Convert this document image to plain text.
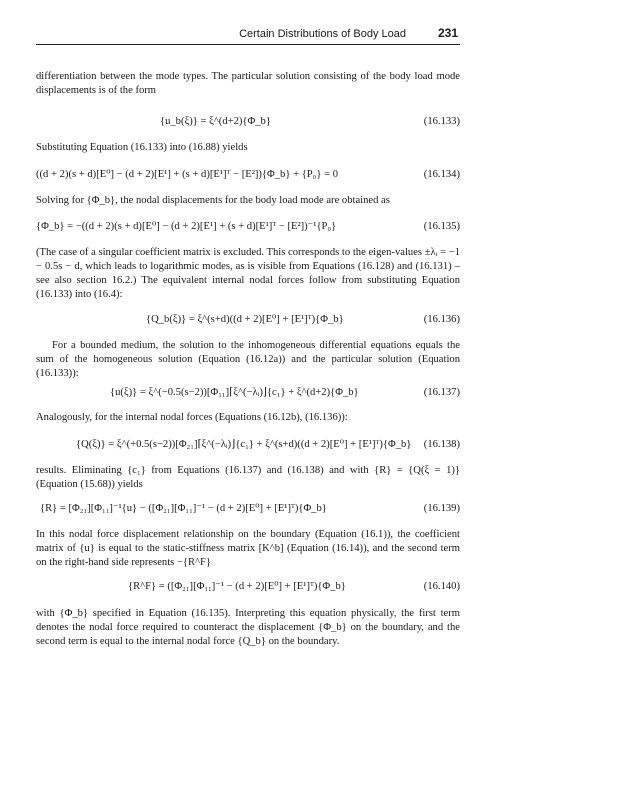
Certain Distributions of Body Load	231

differentiation between the mode types. The particular solution consisting of the body load mode displacements is of the form

{u_b(ξ)} = ξ^(d+2){Φ_b}	(16.133)

Substituting Equation (16.133) into (16.88) yields

((d + 2)(s + d)[E⁰] − (d + 2)[E¹] + (s + d)[E¹]ᵀ − [E²]){Φ_b} + {P₀} = 0	(16.134)

Solving for {Φ_b}, the nodal displacements for the body load mode are obtained as

{Φ_b} = −((d + 2)(s + d)[E⁰] − (d + 2)[E¹] + (s + d)[E¹]ᵀ − [E²])⁻¹{P₀}	(16.135)

(The case of a singular coefficient matrix is excluded. This corresponds to the eigen-values ±λᵢ = −1 − 0.5s − d, which leads to logarithmic modes, as is visible from Equations (16.128) and (16.131) – see also section 16.2.) The equivalent internal nodal forces follow from substituting Equation (16.133) into (16.4):

{Q_b(ξ)} = ξ^(s+d)((d + 2)[E⁰] + [E¹]ᵀ){Φ_b}	(16.136)

For a bounded medium, the solution to the inhomogeneous differential equations equals the sum of the homogeneous solution (Equation (16.12a)) and the particular solution (Equation (16.133)):

{u(ξ)} = ξ^(−0.5(s−2))[Φ₁₁]⌈ξ^(−λᵢ)⌋{c₁} + ξ^(d+2){Φ_b}	(16.137)

Analogously, for the internal nodal forces (Equations (16.12b), (16.136)):

{Q(ξ)} = ξ^(+0.5(s−2))[Φ₂₁]⌈ξ^(−λᵢ)⌋{c₁} + ξ^(s+d)((d + 2)[E⁰] + [E¹]ᵀ){Φ_b} (16.138)

results. Eliminating {c₁} from Equations (16.137) and (16.138) and with {R} = {Q(ξ = 1)} (Equation (15.68)) yields

{R} = [Φ₂₁][Φ₁₁]⁻¹{u} − ([Φ₂₁][Φ₁₁]⁻¹ − (d + 2)[E⁰] + [E¹]ᵀ){Φ_b}	(16.139)

In this nodal force displacement relationship on the boundary (Equation (16.1)), the coefficient matrix of {u} is equal to the static-stiffness matrix [K^b] (Equation (16.14)), and the second term on the right-hand side represents −{R^F}

{R^F} = ([Φ₂₁][Φ₁₁]⁻¹ − (d + 2)[E⁰] + [E¹]ᵀ){Φ_b}	(16.140)

with {Φ_b} specified in Equation (16.135). Interpreting this equation physically, the first term denotes the nodal force required to counteract the displacement {Φ_b} on the boundary, and the second term is equal to the internal nodal force {Q_b} on the boundary.
